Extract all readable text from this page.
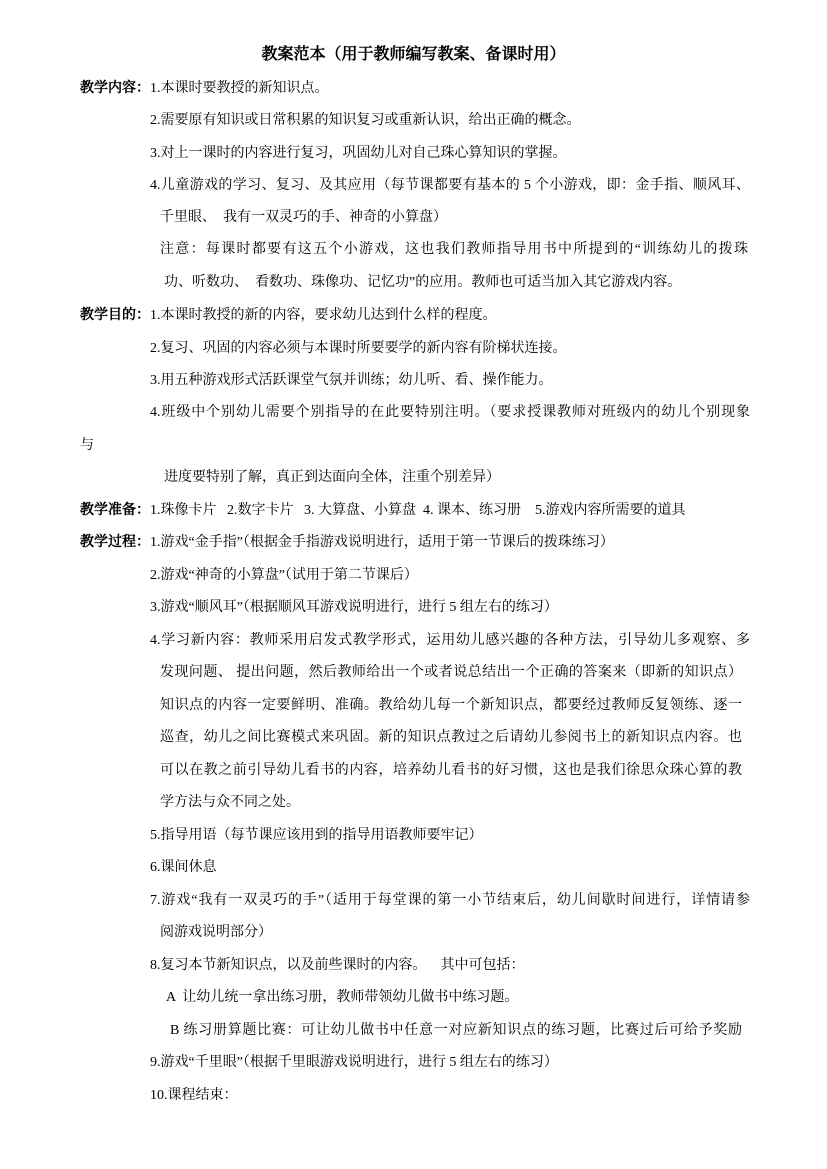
教案范本（用于教师编写教案、备课时用）
教学内容： 1.本课时要教授的新知识点。
2.需要原有知识或日常积累的知识复习或重新认识，给出正确的概念。
3.对上一课时的内容进行复习，巩固幼儿对自己珠心算知识的掌握。
4.儿童游戏的学习、复习、及其应用（每节课都要有基本的 5 个小游戏，即：金手指、顺风耳、
千里眼、  我有一双灵巧的手、神奇的小算盘）
注意：每课时都要有这五个小游戏，这也我们教师指导用书中所提到的“训练幼儿的拨珠
功、听数功、  看数功、珠像功、记忆功”的应用。教师也可适当加入其它游戏内容。
教学目的： 1.本课时教授的新的内容，要求幼儿达到什么样的程度。
2.复习、巩固的内容必须与本课时所要要学的新内容有阶梯状连接。
3.用五种游戏形式活跃课堂气氛并训练；幼儿听、看、操作能力。
4.班级中个别幼儿需要个别指导的在此要特别注明。（要求授课教师对班级内的幼儿个别现象
与
进度要特别了解，真正到达面向全体，注重个别差异）
教学准备： 1.珠像卡片   2.数字卡片   3. 大算盘、小算盘  4. 课本、练习册    5.游戏内容所需要的道具
教学过程： 1.游戏“金手指”（根据金手指游戏说明进行，适用于第一节课后的拨珠练习）
2.游戏“神奇的小算盘”（试用于第二节课后）
3.游戏“顺风耳”（根据顺风耳游戏说明进行，进行 5 组左右的练习）
4.学习新内容：教师采用启发式教学形式，运用幼儿感兴趣的各种方法，引导幼儿多观察、多
发现问题、 提出问题，然后教师给出一个或者说总结出一个正确的答案来（即新的知识点）
知识点的内容一定要鲜明、准确。教给幼儿每一个新知识点，都要经过教师反复领练、逐一
巡查，幼儿之间比赛模式来巩固。新的知识点教过之后请幼儿参阅书上的新知识点内容。也
可以在教之前引导幼儿看书的内容，培养幼儿看书的好习惯，这也是我们徐思众珠心算的教
学方法与众不同之处。
5.指导用语（每节课应该用到的指导用语教师要牢记）
6.课间休息
7.游戏“我有一双灵巧的手”（适用于每堂课的第一小节结束后，幼儿间歇时间进行，详情请参
阅游戏说明部分）
8.复习本节新知识点，以及前些课时的内容。    其中可包括：
A  让幼儿统一拿出练习册，教师带领幼儿做书中练习题。
B 练习册算题比赛：可让幼儿做书中任意一对应新知识点的练习题，比赛过后可给予奖励
9.游戏“千里眼”（根据千里眼游戏说明进行，进行 5 组左右的练习）
10.课程结束：
